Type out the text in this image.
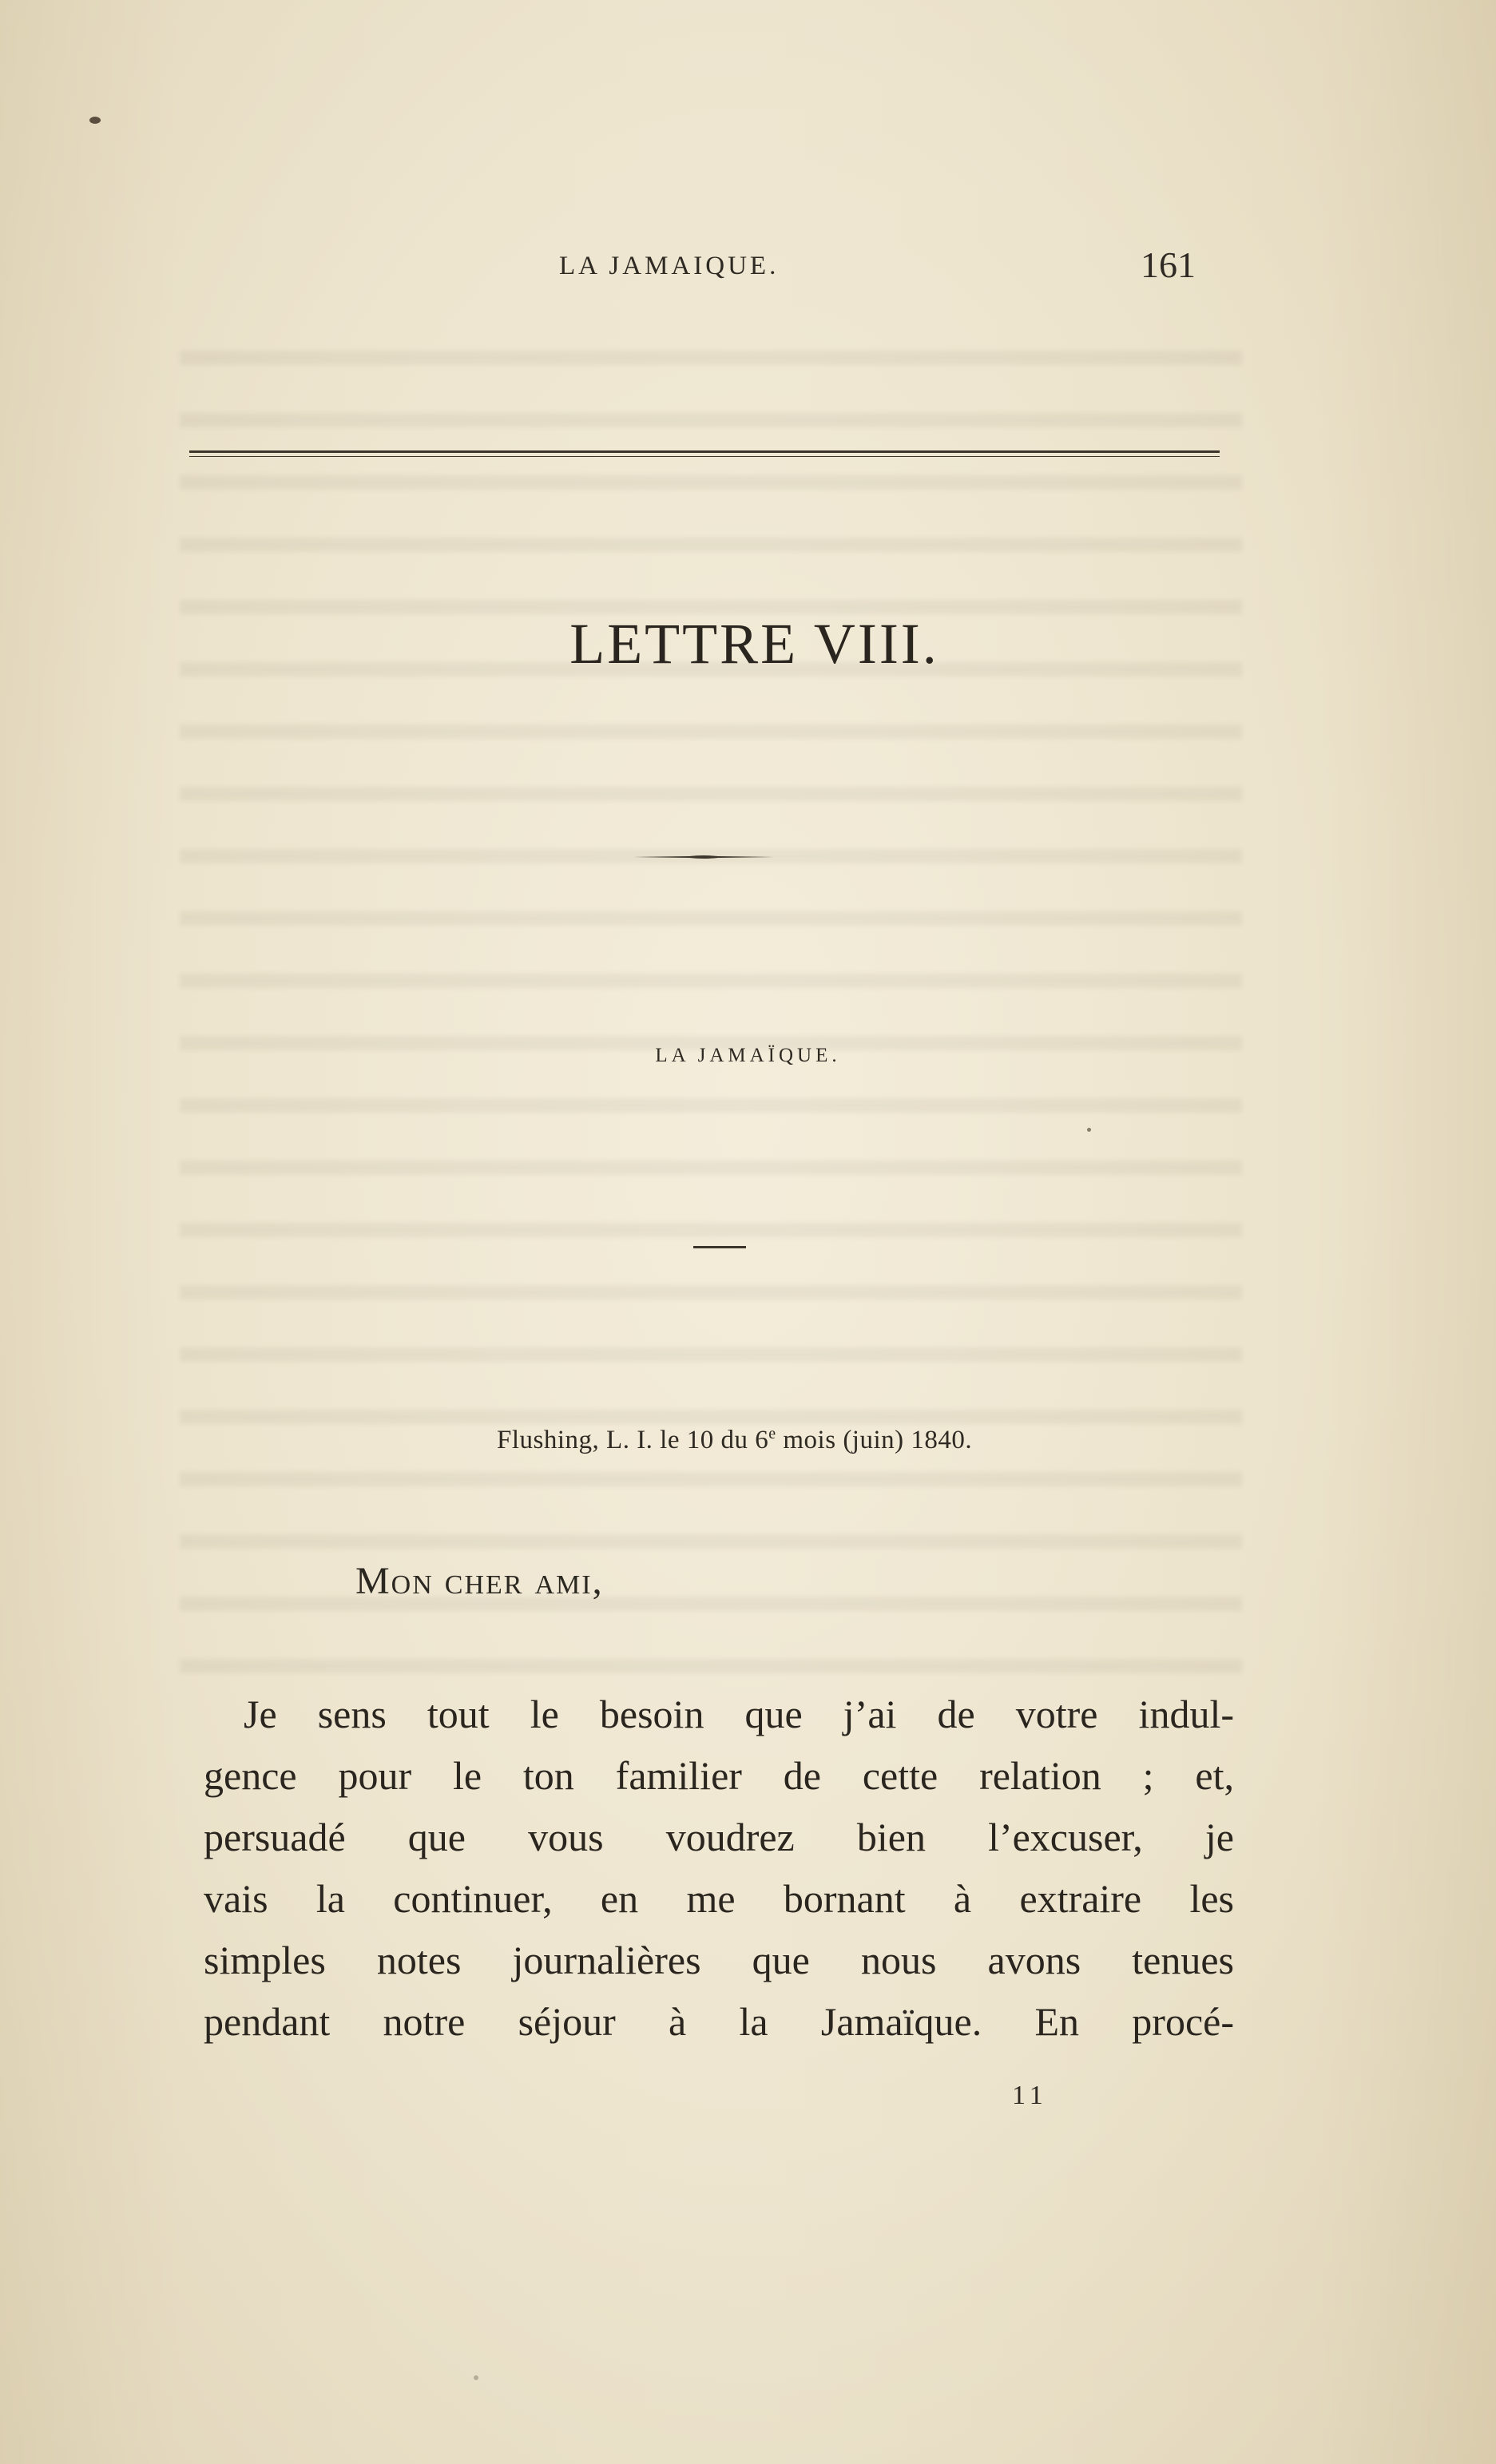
LA JAMAIQUE.	161
LETTRE VIII.
LA JAMAÏQUE.
Flushing, L. I. le 10 du 6e mois (juin) 1840.
Mon cher ami,
Je sens tout le besoin que j’ai de votre indul-
gence pour le ton familier de cette relation ; et,
persuadé que vous voudrez bien l’excuser, je
vais la continuer, en me bornant à extraire les
simples notes journalières que nous avons tenues
pendant notre séjour à la Jamaïque. En procé-
11
